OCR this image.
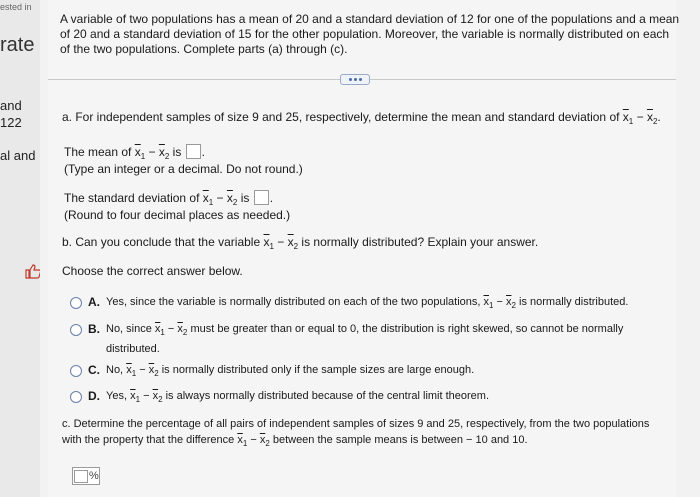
ested in
rate
and
122
al and
A variable of two populations has a mean of 20 and a standard deviation of 12 for one of the populations and a mean of 20 and a standard deviation of 15 for the other population. Moreover, the variable is normally distributed on each of the two populations. Complete parts (a) through (c).
a. For independent samples of size 9 and 25, respectively, determine the mean and standard deviation of $\overline{x}_1 - \overline{x}_2$.
The mean of $\overline{x}_1 - \overline{x}_2$ is .
(Type an integer or a decimal. Do not round.)
The standard deviation of $\overline{x}_1 - \overline{x}_2$ is .
(Round to four decimal places as needed.)
b. Can you conclude that the variable $\overline{x}_1 - \overline{x}_2$ is normally distributed? Explain your answer.
Choose the correct answer below.
A. Yes, since the variable is normally distributed on each of the two populations, $\overline{x}_1 - \overline{x}_2$ is normally distributed.
B. No, since $\overline{x}_1 - \overline{x}_2$ must be greater than or equal to 0, the distribution is right skewed, so cannot be normally
distributed.
C. No, $\overline{x}_1 - \overline{x}_2$ is normally distributed only if the sample sizes are large enough.
D. Yes, $\overline{x}_1 - \overline{x}_2$ is always normally distributed because of the central limit theorem.
c. Determine the percentage of all pairs of independent samples of sizes 9 and 25, respectively, from the two populations
with the property that the difference $\overline{x}_1 - \overline{x}_2$ between the sample means is between − 10 and 10.
%
